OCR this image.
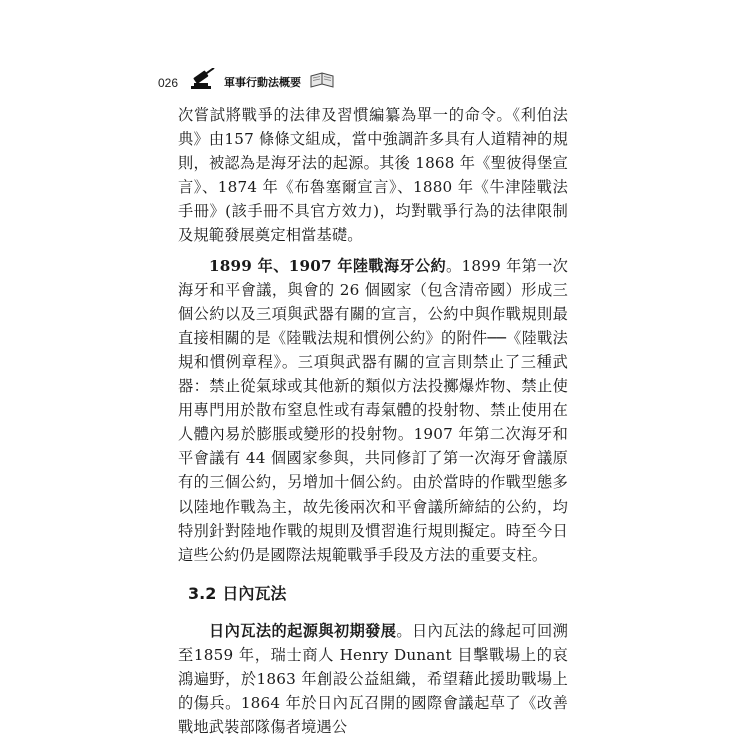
026	軍事行動法概要

次嘗試將戰爭的法律及習慣編纂為單一的命令。《利伯法典》由157 條條文組成，當中強調許多具有人道精神的規則，被認為是海牙法的起源。其後 1868 年《聖彼得堡宣言》、1874 年《布魯塞爾宣言》、1880 年《牛津陸戰法手冊》(該手冊不具官方效力)，均對戰爭行為的法律限制及規範發展奠定相當基礎。

1899 年、1907 年陸戰海牙公約。1899 年第一次海牙和平會議，與會的 26 個國家（包含清帝國）形成三個公約以及三項與武器有關的宣言，公約中與作戰規則最直接相關的是《陸戰法規和慣例公約》的附件──《陸戰法規和慣例章程》。三項與武器有關的宣言則禁止了三種武器：禁止從氣球或其他新的類似方法投擲爆炸物、禁止使用專門用於散布窒息性或有毒氣體的投射物、禁止使用在人體內易於膨脹或變形的投射物。1907 年第二次海牙和平會議有 44 個國家參與，共同修訂了第一次海牙會議原有的三個公約，另增加十個公約。由於當時的作戰型態多以陸地作戰為主，故先後兩次和平會議所締結的公約，均特別針對陸地作戰的規則及慣習進行規則擬定。時至今日這些公約仍是國際法規範戰爭手段及方法的重要支柱。

3.2 日內瓦法

日內瓦法的起源與初期發展。日內瓦法的緣起可回溯至1859 年，瑞士商人 Henry Dunant 目擊戰場上的哀鴻遍野，於1863 年創設公益組織，希望藉此援助戰場上的傷兵。1864 年於日內瓦召開的國際會議起草了《改善戰地武裝部隊傷者境遇公
